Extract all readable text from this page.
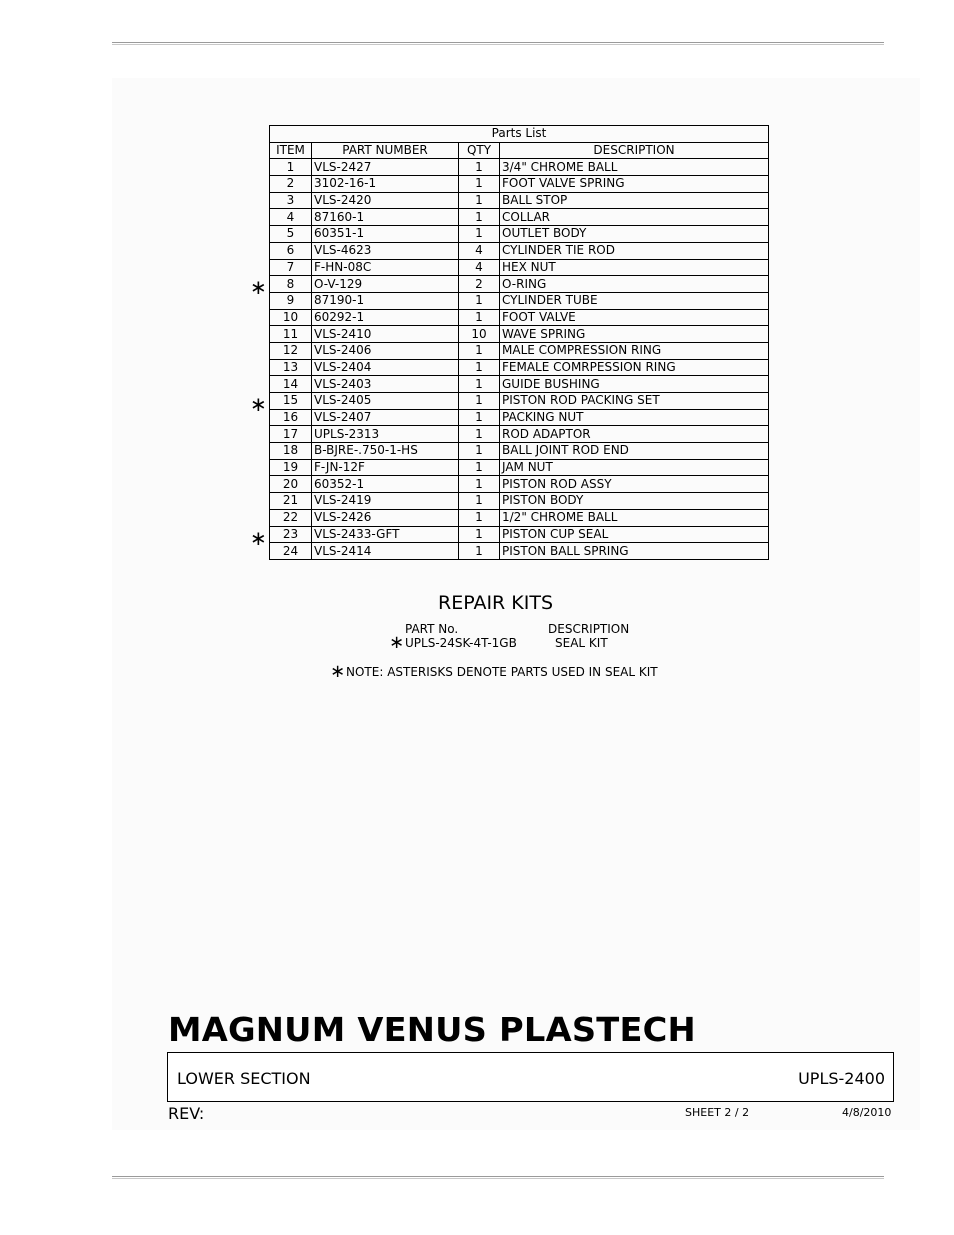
Parts List			
ITEM	PART NUMBER	QTY	DESCRIPTION
1	VLS-2427	1	3/4" CHROME BALL
2	3102-16-1	1	FOOT VALVE SPRING
3	VLS-2420	1	BALL STOP
4	87160-1	1	COLLAR
5	60351-1	1	OUTLET BODY
6	VLS-4623	4	CYLINDER TIE ROD
7	F-HN-08C	4	HEX NUT
8	O-V-129	2	O-RING
9	87190-1	1	CYLINDER TUBE
10	60292-1	1	FOOT VALVE
11	VLS-2410	10	WAVE SPRING
12	VLS-2406	1	MALE COMPRESSION RING
13	VLS-2404	1	FEMALE COMRPESSION RING
14	VLS-2403	1	GUIDE BUSHING
15	VLS-2405	1	PISTON ROD PACKING SET
16	VLS-2407	1	PACKING NUT
17	UPLS-2313	1	ROD ADAPTOR
18	B-BJRE-.750-1-HS	1	BALL JOINT ROD END
19	F-JN-12F	1	JAM NUT
20	60352-1	1	PISTON ROD ASSY
21	VLS-2419	1	PISTON BODY
22	VLS-2426	1	1/2" CHROME BALL
23	VLS-2433-GFT	1	PISTON CUP SEAL
24	VLS-2414	1	PISTON BALL SPRING
∗
∗
∗
REPAIR KITS
PART No.	DESCRIPTION
∗ UPLS-24SK-4T-1GB	SEAL KIT
∗ NOTE: ASTERISKS DENOTE PARTS USED IN SEAL KIT
MAGNUM VENUS PLASTECH
LOWER SECTION	UPLS-2400
REV:	SHEET 2 / 2	4/8/2010
